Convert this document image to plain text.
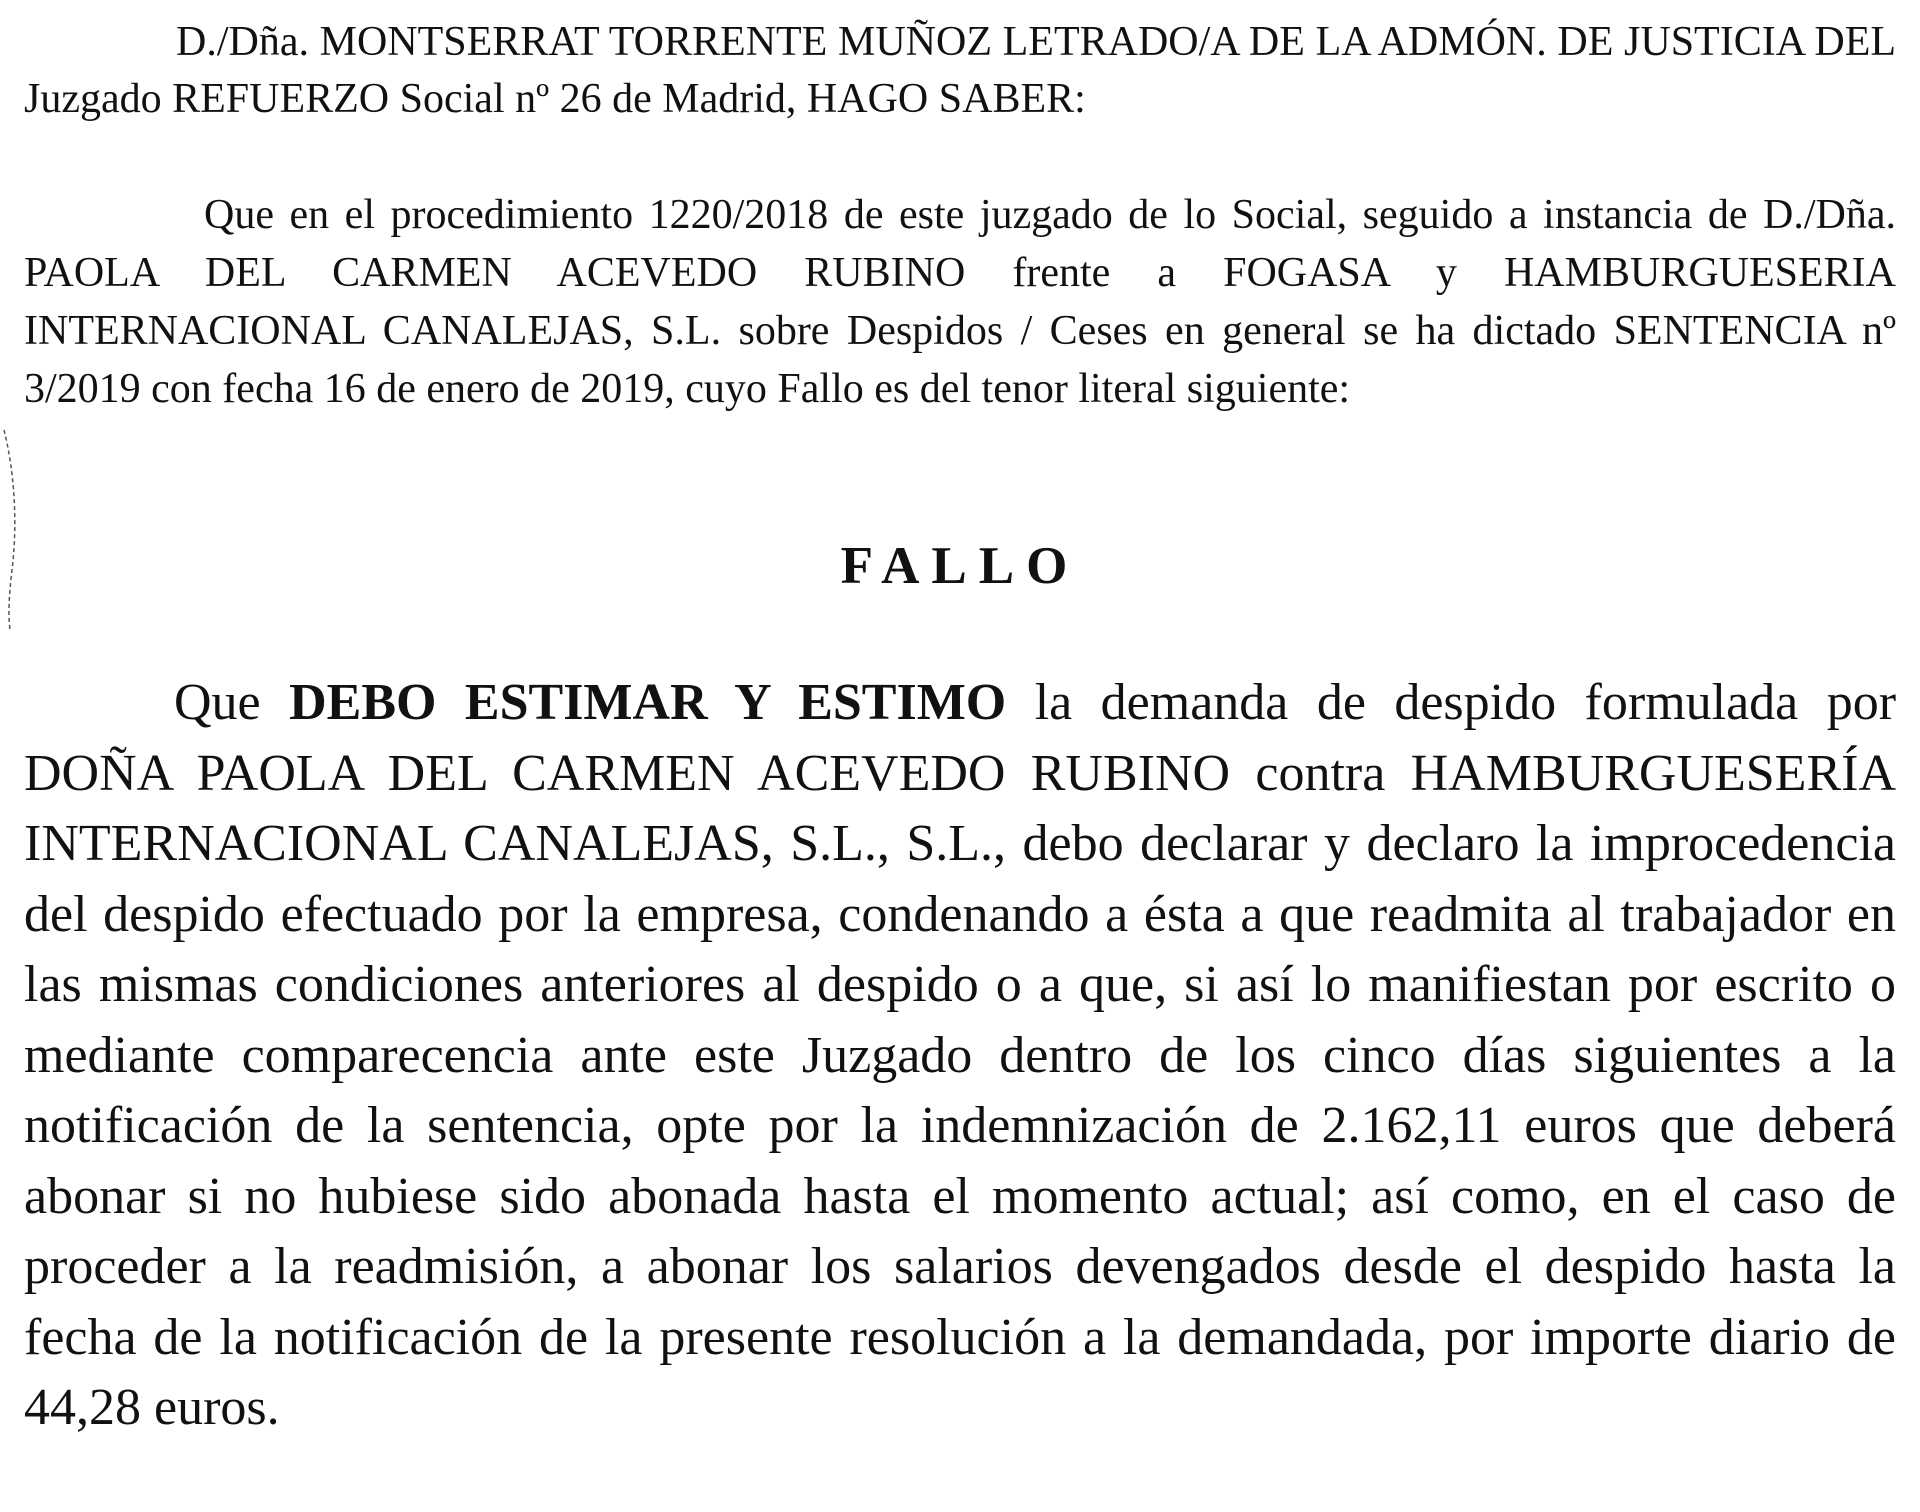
D./Dña. MONTSERRAT TORRENTE MUÑOZ LETRADO/A DE LA ADMÓN. DE JUSTICIA DEL Juzgado REFUERZO Social nº 26 de Madrid, HAGO SABER:

Que en el procedimiento 1220/2018 de este juzgado de lo Social, seguido a instancia de D./Dña. PAOLA DEL CARMEN ACEVEDO RUBINO frente a FOGASA y HAMBURGUESERIA INTERNACIONAL CANALEJAS, S.L. sobre Despidos / Ceses en general se ha dictado SENTENCIA nº 3/2019 con fecha 16 de enero de 2019, cuyo Fallo es del tenor literal siguiente:

FALLO

Que DEBO ESTIMAR Y ESTIMO la demanda de despido formulada por DOÑA PAOLA DEL CARMEN ACEVEDO RUBINO contra HAMBURGUESERÍA INTERNACIONAL CANALEJAS, S.L., S.L., debo declarar y declaro la improcedencia del despido efectuado por la empresa, condenando a ésta a que readmita al trabajador en las mismas condiciones anteriores al despido o a que, si así lo manifiestan por escrito o mediante comparecencia ante este Juzgado dentro de los cinco días siguientes a la notificación de la sentencia, opte por la indemnización de 2.162,11 euros que deberá abonar si no hubiese sido abonada hasta el momento actual; así como, en el caso de proceder a la readmisión, a abonar los salarios devengados desde el despido hasta la fecha de la notificación de la presente resolución a la demandada, por importe diario de 44,28 euros.
